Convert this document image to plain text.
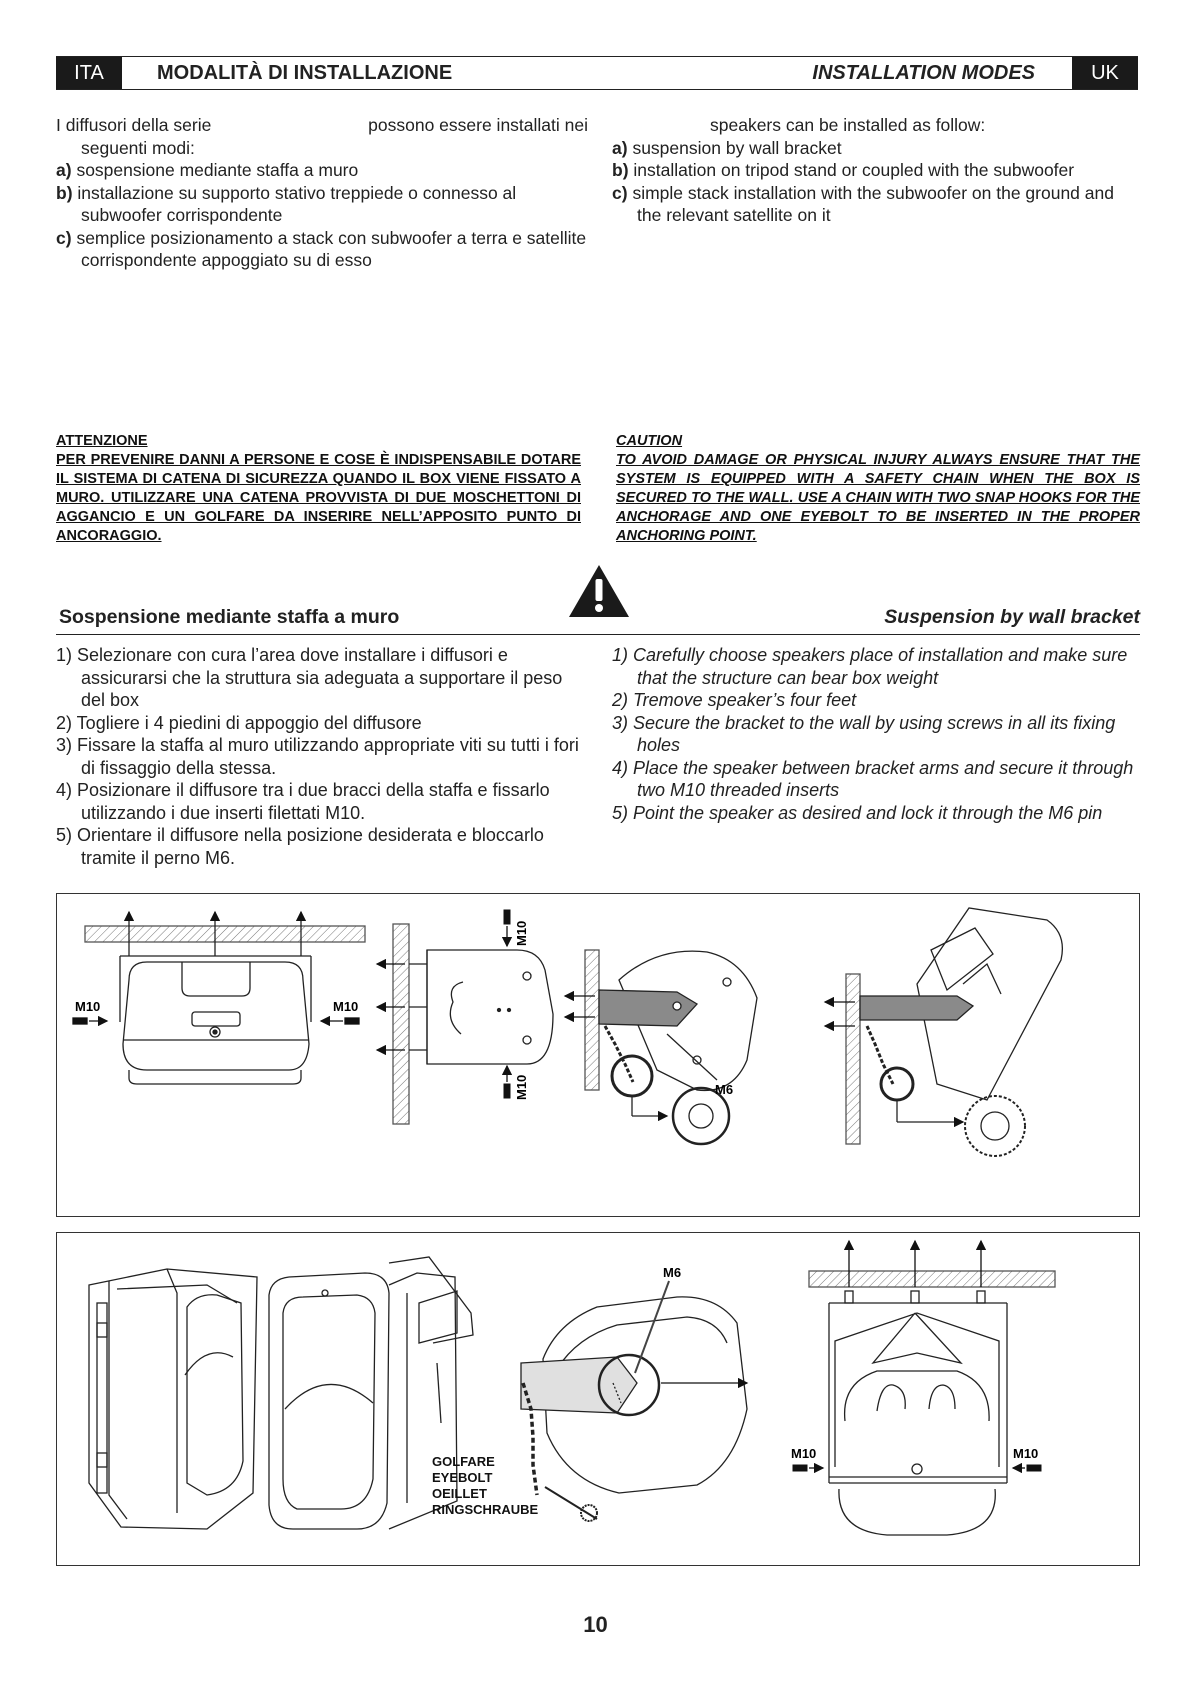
ITA	MODALITÀ DI INSTALLAZIONE	INSTALLATION MODES	UK
I diffusori della serie	possono essere installati nei
seguenti modi:
a) sospensione mediante staffa a muro
b) installazione su supporto stativo treppiede o connesso al subwoofer corrispondente
c) semplice posizionamento a stack con subwoofer a terra e satellite corrispondente appoggiato su di esso
speakers can be installed as follow:
a) suspension by wall bracket
b) installation on tripod stand or coupled with the subwoofer
c) simple stack installation with the subwoofer on the ground and the relevant satellite on it
ATTENZIONE
PER PREVENIRE DANNI A PERSONE E COSE È INDISPENSABILE DOTARE IL SISTEMA DI CATENA DI SICUREZZA QUANDO IL BOX VIENE FISSATO A MURO. UTILIZZARE UNA CATENA PROVVISTA DI DUE MOSCHETTONI DI AGGANCIO E UN GOLFARE DA INSERIRE NELL’APPOSITO PUNTO DI ANCORAGGIO.
CAUTION
TO AVOID DAMAGE OR PHYSICAL INJURY ALWAYS ENSURE THAT THE SYSTEM IS EQUIPPED WITH A SAFETY CHAIN WHEN THE BOX IS SECURED TO THE WALL. USE A CHAIN WITH TWO SNAP HOOKS FOR THE ANCHORAGE AND ONE EYEBOLT TO BE INSERTED IN THE PROPER ANCHORING POINT.
Sospensione mediante staffa a muro	Suspension by wall bracket
1) Selezionare con cura l’area dove installare i diffusori e assicurarsi che la struttura sia adeguata a supportare il peso del box
2) Togliere i 4 piedini di appoggio del diffusore
3) Fissare la staffa al muro utilizzando appropriate viti su tutti i fori di fissaggio della stessa.
4) Posizionare il diffusore tra i due bracci della staffa e fissarlo utilizzando i due inserti filettati M10.
5) Orientare il diffusore nella posizione desiderata e bloccarlo tramite il perno M6.
1) Carefully choose speakers place of installation and make sure that the structure can bear box weight
2) Tremove speaker’s four feet
3) Secure the bracket to the wall by using screws in all its fixing holes
4) Place the speaker between bracket arms and secure it through two M10 threaded inserts
5) Point the speaker as desired and lock it through the M6 pin
M10	M10
M10
M10	M6
M6
M10	M10
GOLFARE
EYEBOLT
OEILLET
RINGSCHRAUBE
10
